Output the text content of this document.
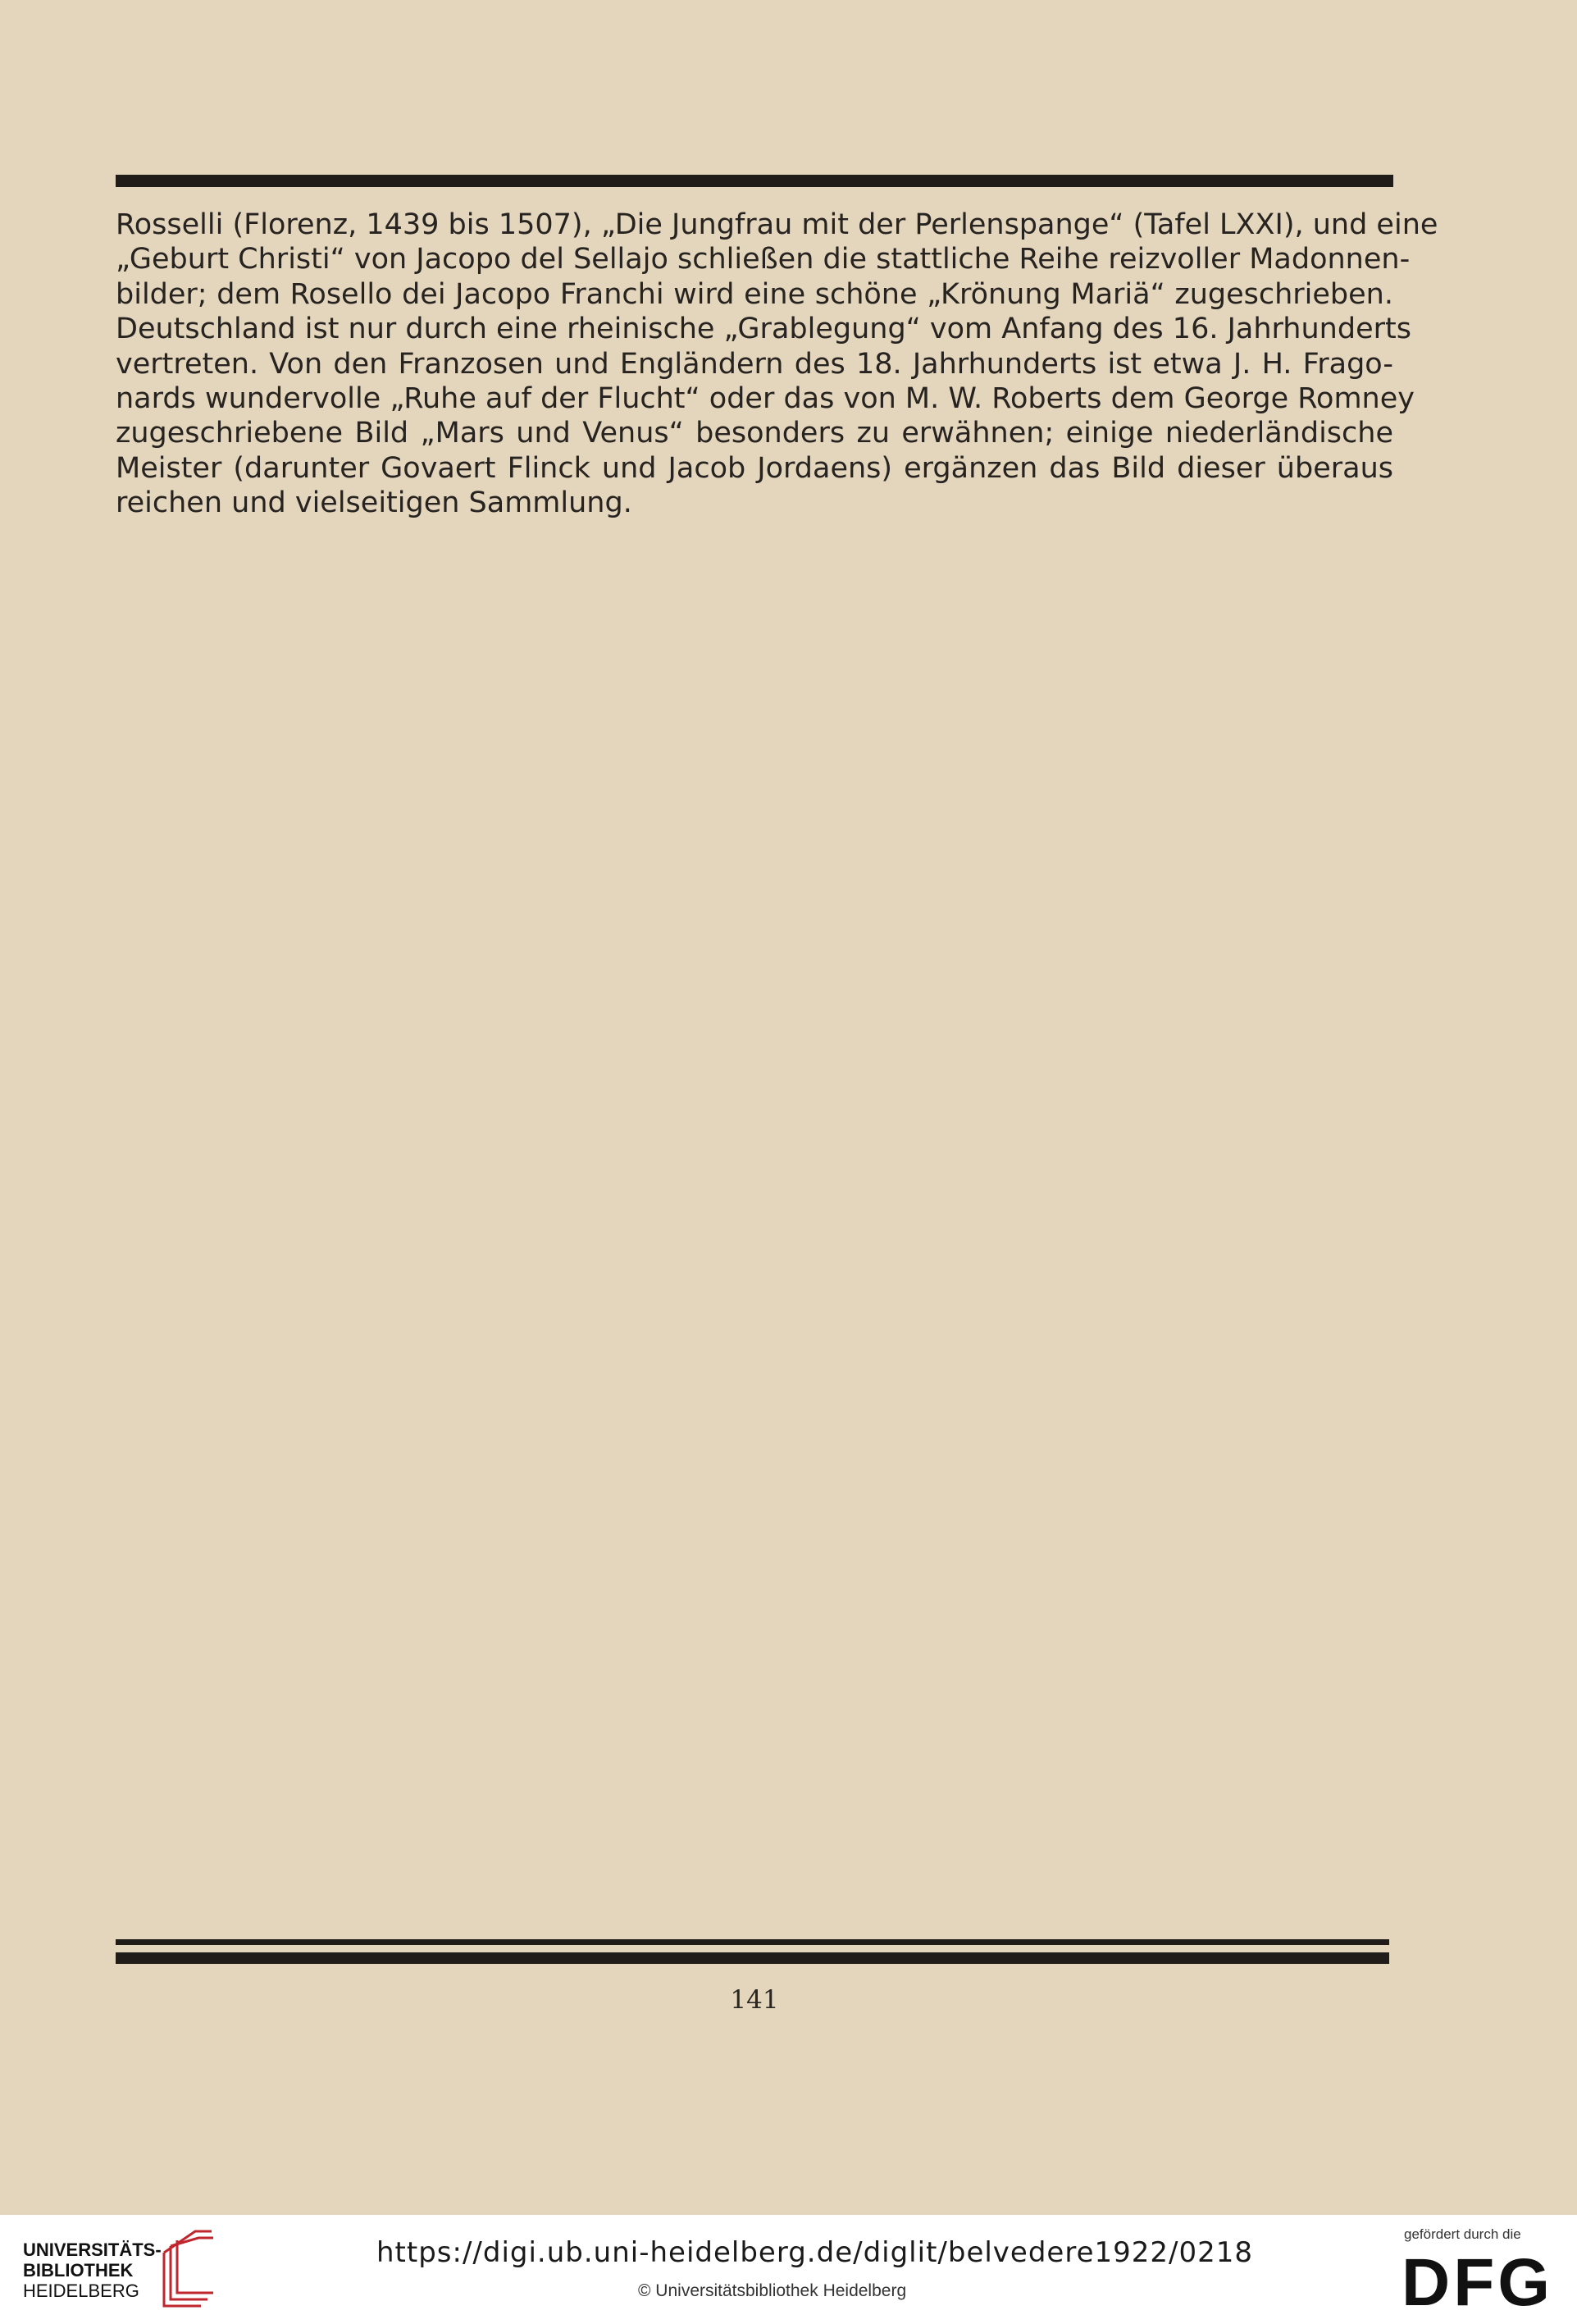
Rosselli (Florenz, 1439 bis 1507), „Die Jungfrau mit der Perlenspange“ (Tafel LXXI), und eine
„Geburt Christi“ von Jacopo del Sellajo schließen die stattliche Reihe reizvoller Madonnen-
bilder; dem Rosello dei Jacopo Franchi wird eine schöne „Krönung Mariä“ zugeschrieben.
Deutschland ist nur durch eine rheinische „Grablegung“ vom Anfang des 16. Jahrhunderts
vertreten. Von den Franzosen und Engländern des 18. Jahrhunderts ist etwa J. H. Frago-
nards wundervolle „Ruhe auf der Flucht“ oder das von M. W. Roberts dem George Romney
zugeschriebene Bild „Mars und Venus“ besonders zu erwähnen; einige niederländische
Meister (darunter Govaert Flinck und Jacob Jordaens) ergänzen das Bild dieser überaus
reichen und vielseitigen Sammlung.
141
UNIVERSITÄTS-
BIBLIOTHEK
HEIDELBERG
https://digi.ub.uni-heidelberg.de/diglit/belvedere1922/0218
© Universitätsbibliothek Heidelberg
gefördert durch die
DFG
